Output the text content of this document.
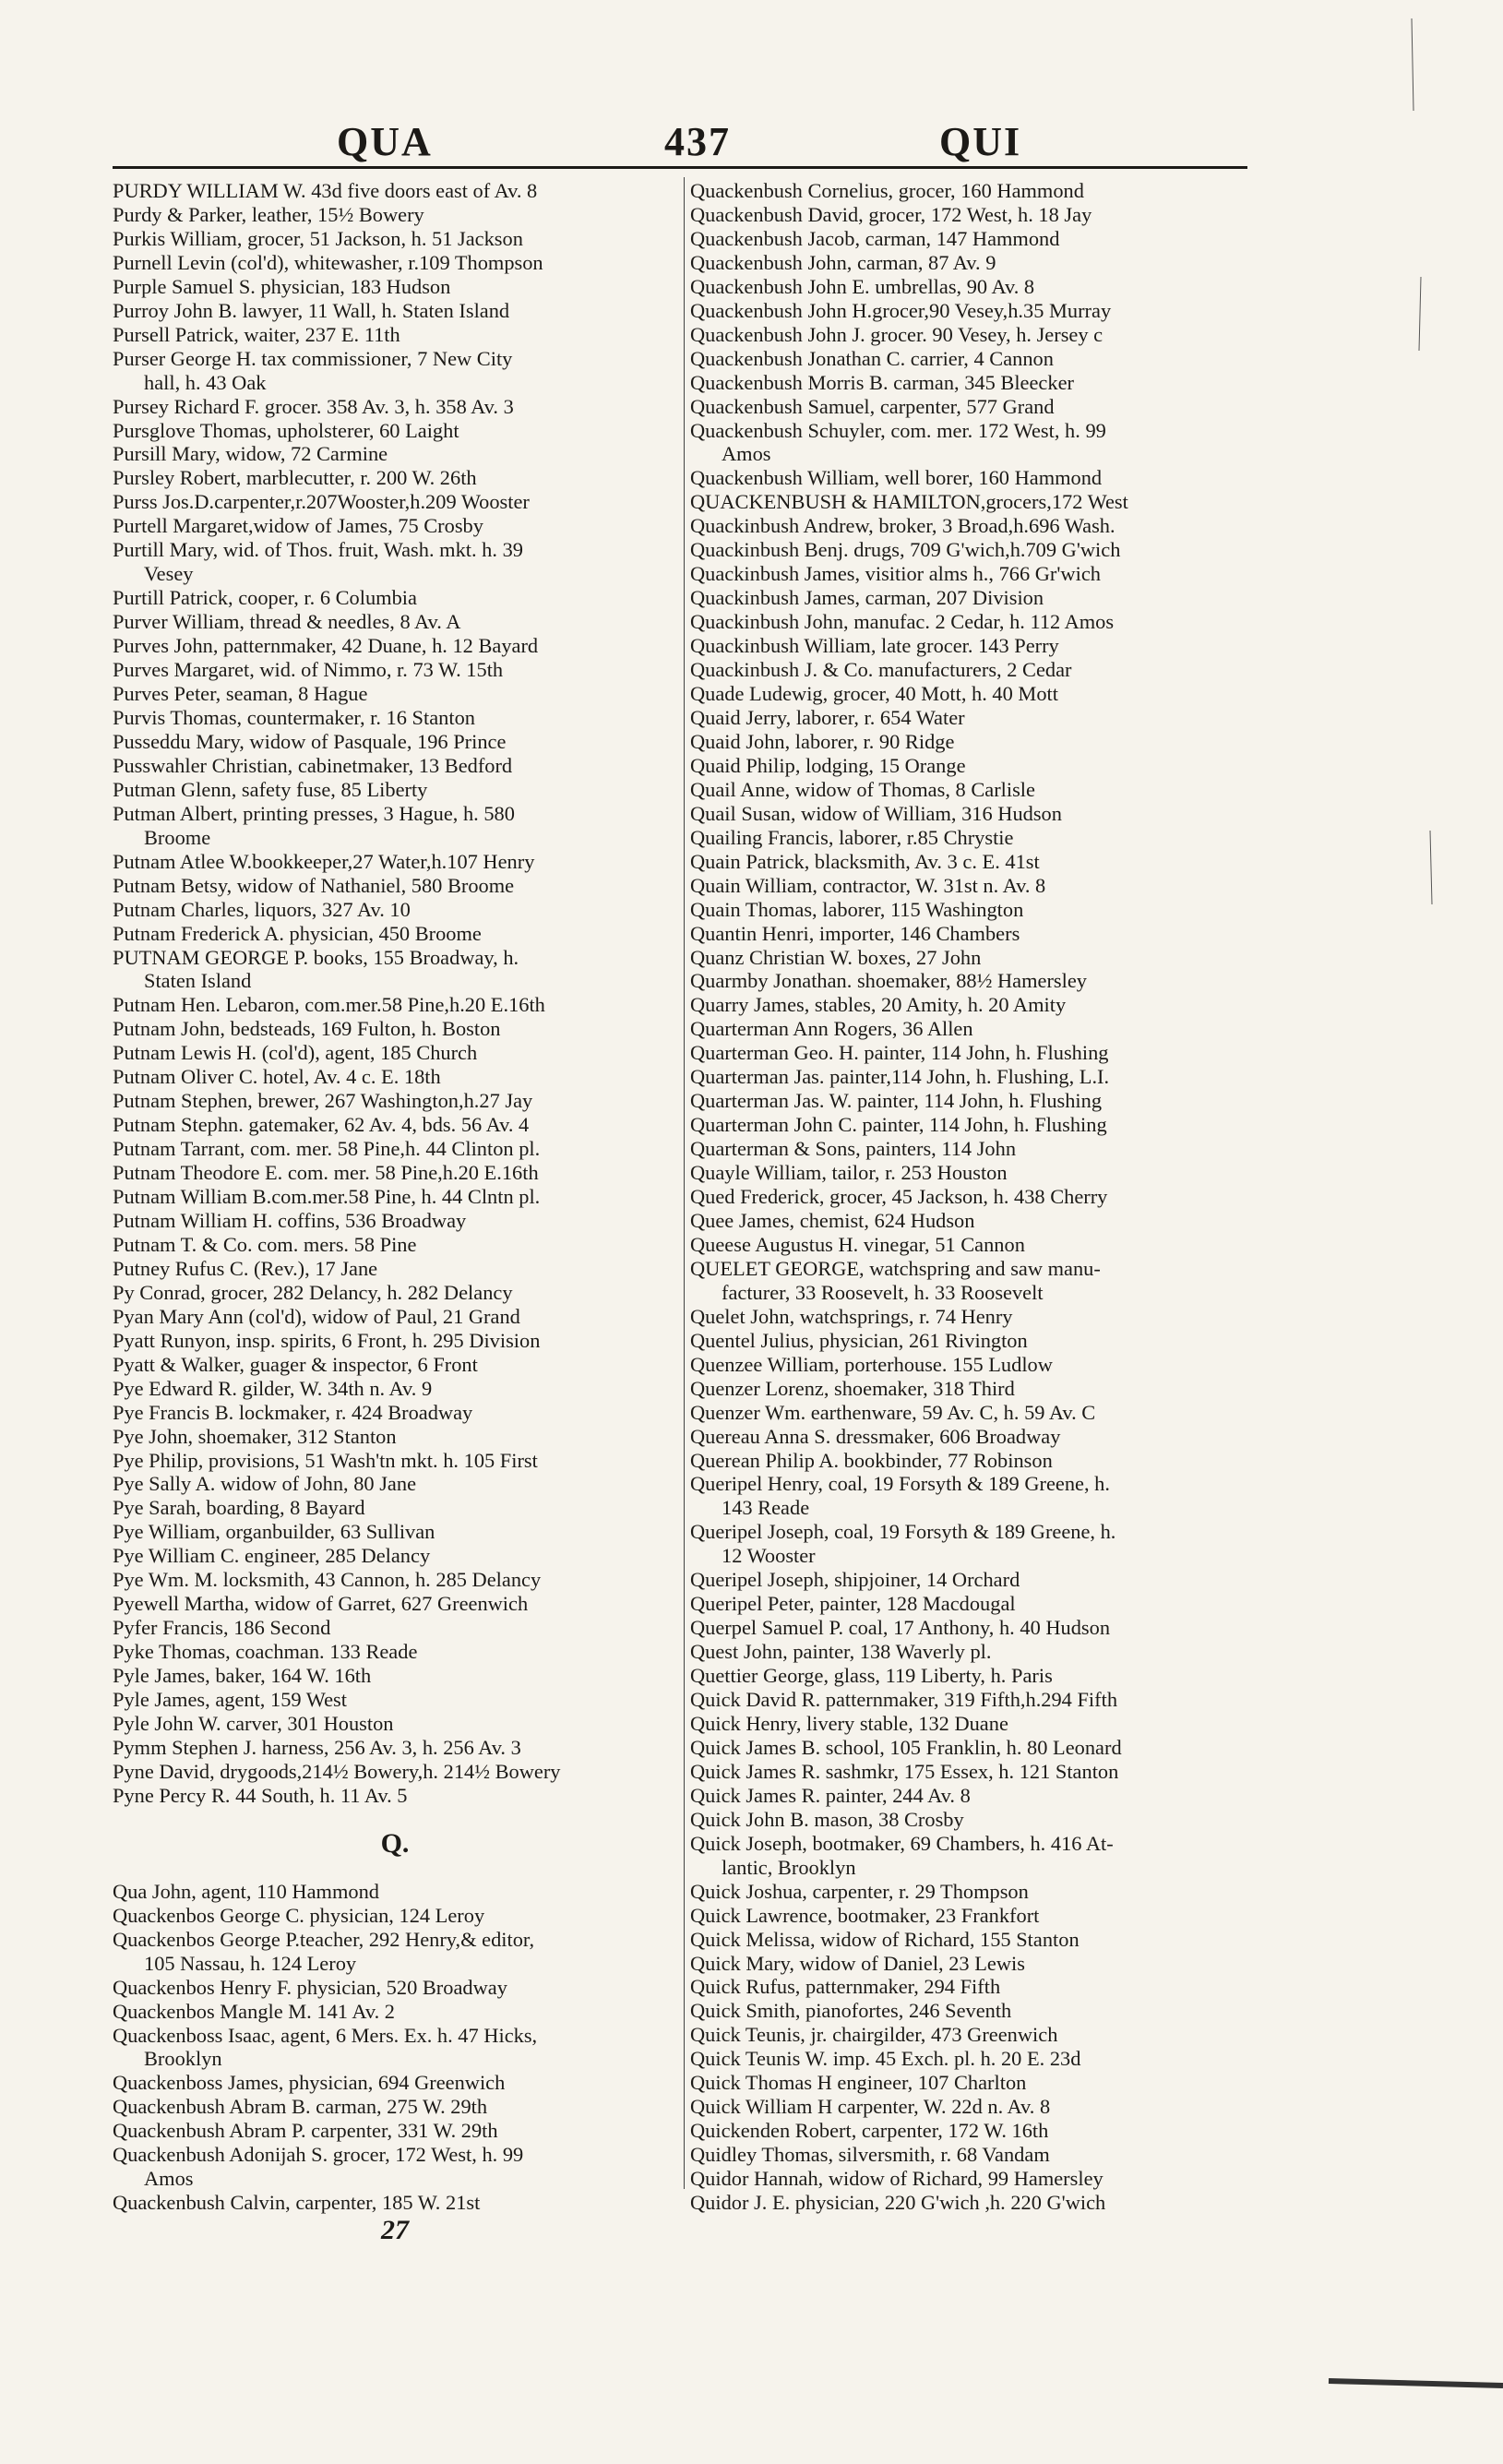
QUA	437	QUI
PURDY WILLIAM W. 43d five doors east of Av. 8
Purdy & Parker, leather, 15½ Bowery
Purkis William, grocer, 51 Jackson, h. 51 Jackson
Purnell Levin (col'd), whitewasher, r.109 Thompson
Purple Samuel S. physician, 183 Hudson
Purroy John B. lawyer, 11 Wall, h. Staten Island
Pursell Patrick, waiter, 237 E. 11th
Purser George H. tax commissioner, 7 New City
hall, h. 43 Oak
Pursey Richard F. grocer. 358 Av. 3, h. 358 Av. 3
Pursglove Thomas, upholsterer, 60 Laight
Pursill Mary, widow, 72 Carmine
Pursley Robert, marblecutter, r. 200 W. 26th
Purss Jos.D.carpenter,r.207Wooster,h.209 Wooster
Purtell Margaret,widow of James, 75 Crosby
Purtill Mary, wid. of Thos. fruit, Wash. mkt. h. 39
Vesey
Purtill Patrick, cooper, r. 6 Columbia
Purver William, thread & needles, 8 Av. A
Purves John, patternmaker, 42 Duane, h. 12 Bayard
Purves Margaret, wid. of Nimmo, r. 73 W. 15th
Purves Peter, seaman, 8 Hague
Purvis Thomas, countermaker, r. 16 Stanton
Pusseddu Mary, widow of Pasquale, 196 Prince
Pusswahler Christian, cabinetmaker, 13 Bedford
Putman Glenn, safety fuse, 85 Liberty
Putman Albert, printing presses, 3 Hague, h. 580
Broome
Putnam Atlee W.bookkeeper,27 Water,h.107 Henry
Putnam Betsy, widow of Nathaniel, 580 Broome
Putnam Charles, liquors, 327 Av. 10
Putnam Frederick A. physician, 450 Broome
PUTNAM GEORGE P. books, 155 Broadway, h.
Staten Island
Putnam Hen. Lebaron, com.mer.58 Pine,h.20 E.16th
Putnam John, bedsteads, 169 Fulton, h. Boston
Putnam Lewis H. (col'd), agent, 185 Church
Putnam Oliver C. hotel, Av. 4 c. E. 18th
Putnam Stephen, brewer, 267 Washington,h.27 Jay
Putnam Stephn. gatemaker, 62 Av. 4, bds. 56 Av. 4
Putnam Tarrant, com. mer. 58 Pine,h. 44 Clinton pl.
Putnam Theodore E. com. mer. 58 Pine,h.20 E.16th
Putnam William B.com.mer.58 Pine, h. 44 Clntn pl.
Putnam William H. coffins, 536 Broadway
Putnam T. & Co. com. mers. 58 Pine
Putney Rufus C. (Rev.), 17 Jane
Py Conrad, grocer, 282 Delancy, h. 282 Delancy
Pyan Mary Ann (col'd), widow of Paul, 21 Grand
Pyatt Runyon, insp. spirits, 6 Front, h. 295 Division
Pyatt & Walker, guager & inspector, 6 Front
Pye Edward R. gilder, W. 34th n. Av. 9
Pye Francis B. lockmaker, r. 424 Broadway
Pye John, shoemaker, 312 Stanton
Pye Philip, provisions, 51 Wash'tn mkt. h. 105 First
Pye Sally A. widow of John, 80 Jane
Pye Sarah, boarding, 8 Bayard
Pye William, organbuilder, 63 Sullivan
Pye William C. engineer, 285 Delancy
Pye Wm. M. locksmith, 43 Cannon, h. 285 Delancy
Pyewell Martha, widow of Garret, 627 Greenwich
Pyfer Francis, 186 Second
Pyke Thomas, coachman. 133 Reade
Pyle James, baker, 164 W. 16th
Pyle James, agent, 159 West
Pyle John W. carver, 301 Houston
Pymm Stephen J. harness, 256 Av. 3, h. 256 Av. 3
Pyne David, drygoods,214½ Bowery,h. 214½ Bowery
Pyne Percy R. 44 South, h. 11 Av. 5
Q.
Qua John, agent, 110 Hammond
Quackenbos George C. physician, 124 Leroy
Quackenbos George P.teacher, 292 Henry,& editor,
105 Nassau, h. 124 Leroy
Quackenbos Henry F. physician, 520 Broadway
Quackenbos Mangle M. 141 Av. 2
Quackenboss Isaac, agent, 6 Mers. Ex. h. 47 Hicks,
Brooklyn
Quackenboss James, physician, 694 Greenwich
Quackenbush Abram B. carman, 275 W. 29th
Quackenbush Abram P. carpenter, 331 W. 29th
Quackenbush Adonijah S. grocer, 172 West, h. 99
Amos
Quackenbush Calvin, carpenter, 185 W. 21st
27
Quackenbush Cornelius, grocer, 160 Hammond
Quackenbush David, grocer, 172 West, h. 18 Jay
Quackenbush Jacob, carman, 147 Hammond
Quackenbush John, carman, 87 Av. 9
Quackenbush John E. umbrellas, 90 Av. 8
Quackenbush John H.grocer,90 Vesey,h.35 Murray
Quackenbush John J. grocer. 90 Vesey, h. Jersey c
Quackenbush Jonathan C. carrier, 4 Cannon
Quackenbush Morris B. carman, 345 Bleecker
Quackenbush Samuel, carpenter, 577 Grand
Quackenbush Schuyler, com. mer. 172 West, h. 99
Amos
Quackenbush William, well borer, 160 Hammond
QUACKENBUSH & HAMILTON,grocers,172 West
Quackinbush Andrew, broker, 3 Broad,h.696 Wash.
Quackinbush Benj. drugs, 709 G'wich,h.709 G'wich
Quackinbush James, visitior alms h., 766 Gr'wich
Quackinbush James, carman, 207 Division
Quackinbush John, manufac. 2 Cedar, h. 112 Amos
Quackinbush William, late grocer. 143 Perry
Quackinbush J. & Co. manufacturers, 2 Cedar
Quade Ludewig, grocer, 40 Mott, h. 40 Mott
Quaid Jerry, laborer, r. 654 Water
Quaid John, laborer, r. 90 Ridge
Quaid Philip, lodging, 15 Orange
Quail Anne, widow of Thomas, 8 Carlisle
Quail Susan, widow of William, 316 Hudson
Quailing Francis, laborer, r.85 Chrystie
Quain Patrick, blacksmith, Av. 3 c. E. 41st
Quain William, contractor, W. 31st n. Av. 8
Quain Thomas, laborer, 115 Washington
Quantin Henri, importer, 146 Chambers
Quanz Christian W. boxes, 27 John
Quarmby Jonathan. shoemaker, 88½ Hamersley
Quarry James, stables, 20 Amity, h. 20 Amity
Quarterman Ann Rogers, 36 Allen
Quarterman Geo. H. painter, 114 John, h. Flushing
Quarterman Jas. painter,114 John, h. Flushing, L.I.
Quarterman Jas. W. painter, 114 John, h. Flushing
Quarterman John C. painter, 114 John, h. Flushing
Quarterman & Sons, painters, 114 John
Quayle William, tailor, r. 253 Houston
Qued Frederick, grocer, 45 Jackson, h. 438 Cherry
Quee James, chemist, 624 Hudson
Queese Augustus H. vinegar, 51 Cannon
QUELET GEORGE, watchspring and saw manu-
facturer, 33 Roosevelt, h. 33 Roosevelt
Quelet John, watchsprings, r. 74 Henry
Quentel Julius, physician, 261 Rivington
Quenzee William, porterhouse. 155 Ludlow
Quenzer Lorenz, shoemaker, 318 Third
Quenzer Wm. earthenware, 59 Av. C, h. 59 Av. C
Quereau Anna S. dressmaker, 606 Broadway
Querean Philip A. bookbinder, 77 Robinson
Queripel Henry, coal, 19 Forsyth & 189 Greene, h.
143 Reade
Queripel Joseph, coal, 19 Forsyth & 189 Greene, h.
12 Wooster
Queripel Joseph, shipjoiner, 14 Orchard
Queripel Peter, painter, 128 Macdougal
Querpel Samuel P. coal, 17 Anthony, h. 40 Hudson
Quest John, painter, 138 Waverly pl.
Quettier George, glass, 119 Liberty, h. Paris
Quick David R. patternmaker, 319 Fifth,h.294 Fifth
Quick Henry, livery stable, 132 Duane
Quick James B. school, 105 Franklin, h. 80 Leonard
Quick James R. sashmkr, 175 Essex, h. 121 Stanton
Quick James R. painter, 244 Av. 8
Quick John B. mason, 38 Crosby
Quick Joseph, bootmaker, 69 Chambers, h. 416 At-
lantic, Brooklyn
Quick Joshua, carpenter, r. 29 Thompson
Quick Lawrence, bootmaker, 23 Frankfort
Quick Melissa, widow of Richard, 155 Stanton
Quick Mary, widow of Daniel, 23 Lewis
Quick Rufus, patternmaker, 294 Fifth
Quick Smith, pianofortes, 246 Seventh
Quick Teunis, jr. chairgilder, 473 Greenwich
Quick Teunis W. imp. 45 Exch. pl. h. 20 E. 23d
Quick Thomas H engineer, 107 Charlton
Quick William H carpenter, W. 22d n. Av. 8
Quickenden Robert, carpenter, 172 W. 16th
Quidley Thomas, silversmith, r. 68 Vandam
Quidor Hannah, widow of Richard, 99 Hamersley
Quidor J. E. physician, 220 G'wich ,h. 220 G'wich
